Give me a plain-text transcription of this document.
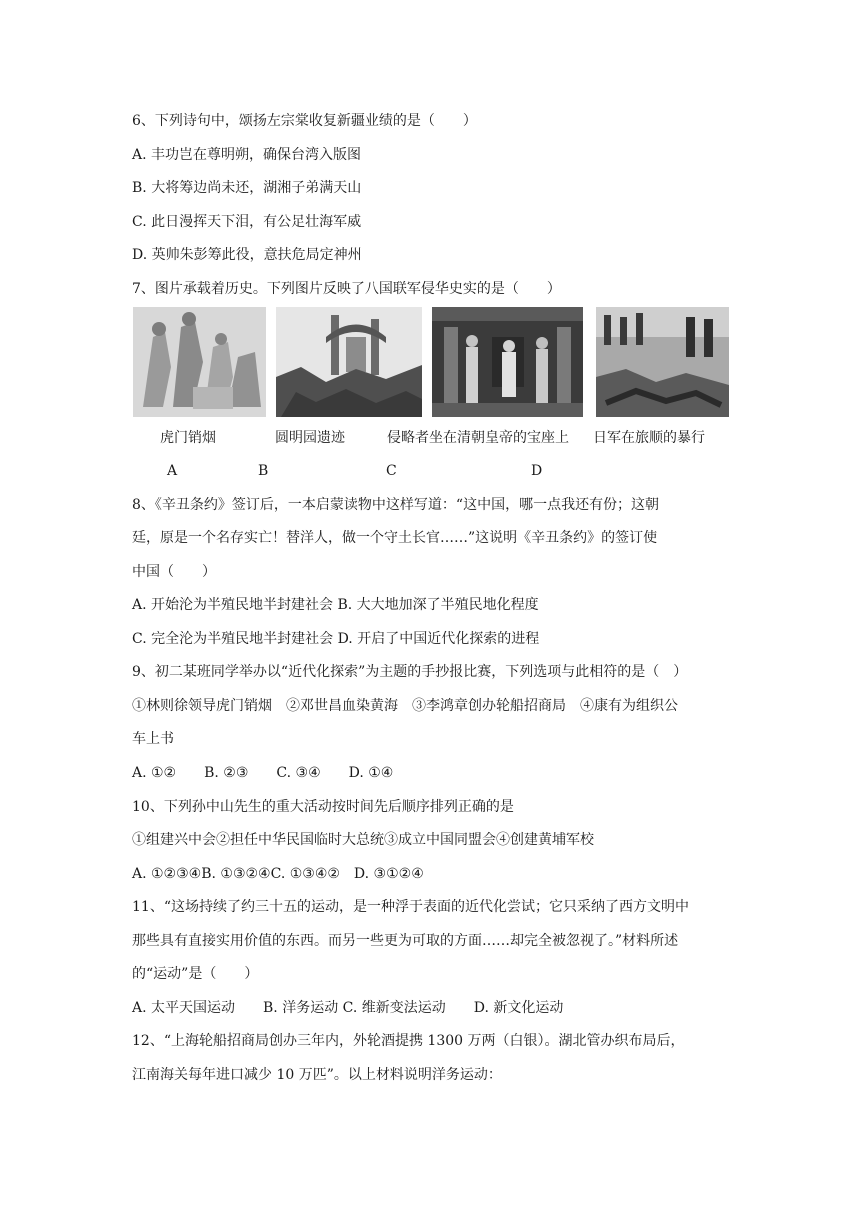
6、下列诗句中，颂扬左宗棠收复新疆业绩的是（　　）
A. 丰功岂在尊明朔，确保台湾入版图
B. 大将筹边尚未还，湖湘子弟满天山
C. 此日漫挥天下泪，有公足壮海军威
D. 英帅朱彭筹此役，意扶危局定神州
7、图片承载着历史。下列图片反映了八国联军侵华史实的是（　　）
虎门销烟	圆明园遗迹	侵略者坐在清朝皇帝的宝座上 日军在旅顺的暴行
A	B	C	D
8、《辛丑条约》签订后，一本启蒙读物中这样写道：“这中国，哪一点我还有份；这朝
廷，原是一个名存实亡！替洋人，做一个守土长官……”这说明《辛丑条约》的签订使
中国（　　）
A. 开始沦为半殖民地半封建社会 B. 大大地加深了半殖民地化程度
C. 完全沦为半殖民地半封建社会 D. 开启了中国近代化探索的进程
9、初二某班同学举办以“近代化探索”为主题的手抄报比赛，下列选项与此相符的是（　）
①林则徐领导虎门销烟　②邓世昌血染黄海　③李鸿章创办轮船招商局　④康有为组织公
车上书
A. ①②　　B. ②③　　C. ③④　　D. ①④
10、下列孙中山先生的重大活动按时间先后顺序排列正确的是
①组建兴中会②担任中华民国临时大总统③成立中国同盟会④创建黄埔军校
A. ①②③④B. ①③②④C. ①③④②　D. ③①②④
11、“这场持续了约三十五的运动，是一种浮于表面的近代化尝试；它只采纳了西方文明中
那些具有直接实用价值的东西。而另一些更为可取的方面……却完全被忽视了。”材料所述
的“运动”是（　　）
A. 太平天国运动　　B. 洋务运动 C. 维新变法运动　　D. 新文化运动
12、“上海轮船招商局创办三年内，外轮酒提携 1300 万两（白银）。湖北管办织布局后，
江南海关每年进口减少 10 万匹”。以上材料说明洋务运动：
